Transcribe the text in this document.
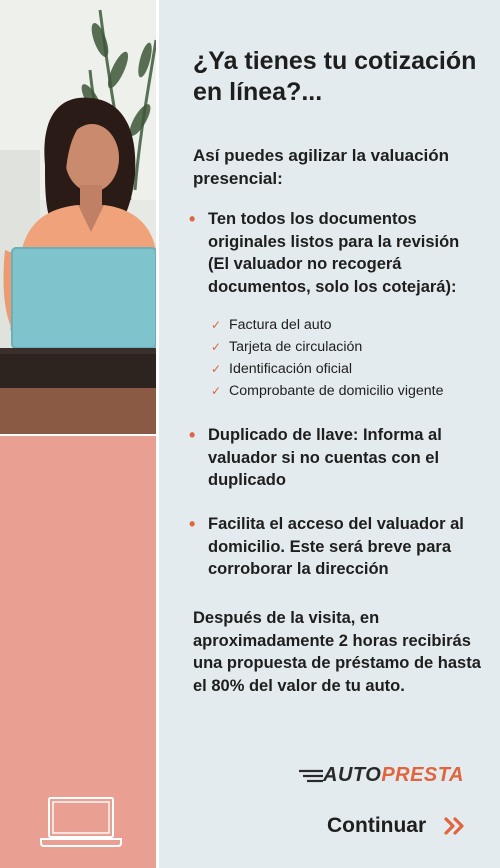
¿Ya tienes tu cotización en línea?...
Así puedes agilizar la valuación presencial:
• Ten todos los documentos originales listos para la revisión (El valuador no recogerá documentos, solo los cotejará):
✓ Factura del auto
✓ Tarjeta de circulación
✓ Identificación oficial
✓ Comprobante de domicilio vigente
• Duplicado de llave: Informa al valuador si no cuentas con el duplicado
• Facilita el acceso del valuador al domicilio. Este será breve para corroborar la dirección
Después de la visita, en aproximadamente 2 horas recibirás una propuesta de préstamo de hasta el 80% del valor de tu auto.
AUTOPRESTA
Continuar
